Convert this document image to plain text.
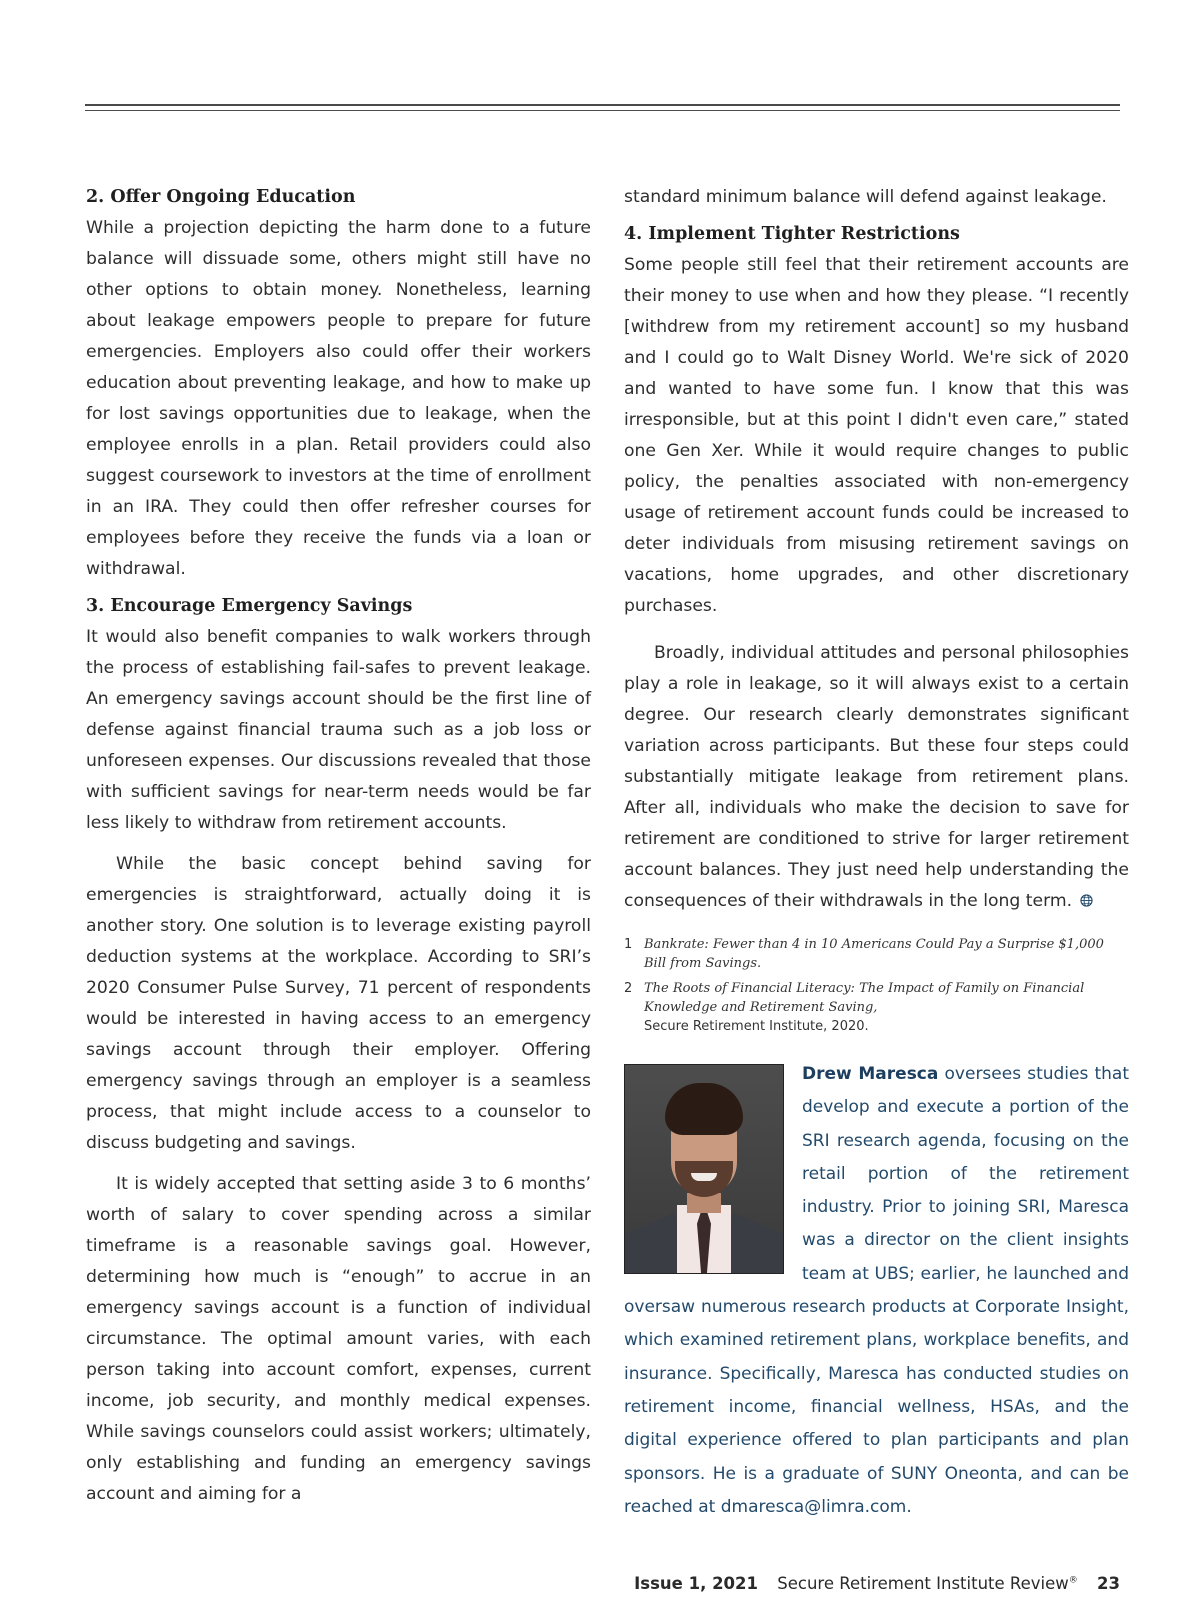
2. Offer Ongoing Education

While a projection depicting the harm done to a future balance will dissuade some, others might still have no other options to obtain money. Nonetheless, learning about leakage empowers people to prepare for future emergencies. Employers also could offer their workers education about preventing leakage, and how to make up for lost savings opportunities due to leakage, when the employee enrolls in a plan. Retail providers could also suggest coursework to investors at the time of enrollment in an IRA. They could then offer refresher courses for employees before they receive the funds via a loan or withdrawal.

3. Encourage Emergency Savings

It would also benefit companies to walk workers through the process of establishing fail-safes to prevent leakage. An emergency savings account should be the first line of defense against financial trauma such as a job loss or unforeseen expenses. Our discussions revealed that those with sufficient savings for near-term needs would be far less likely to withdraw from retirement accounts.

While the basic concept behind saving for emergencies is straightforward, actually doing it is another story. One solution is to leverage existing payroll deduction systems at the workplace. According to SRI’s 2020 Consumer Pulse Survey, 71 percent of respondents would be interested in having access to an emergency savings account through their employer. Offering emergency savings through an employer is a seamless process, that might include access to a counselor to discuss budgeting and savings.

It is widely accepted that setting aside 3 to 6 months’ worth of salary to cover spending across a similar timeframe is a reasonable savings goal. However, determining how much is “enough” to accrue in an emergency savings account is a function of individual circumstance. The optimal amount varies, with each person taking into account comfort, expenses, current income, job security, and monthly medical expenses. While savings counselors could assist workers; ultimately, only establishing and funding an emergency savings account and aiming for a

standard minimum balance will defend against leakage.

4. Implement Tighter Restrictions

Some people still feel that their retirement accounts are their money to use when and how they please. “I recently [withdrew from my retirement account] so my husband and I could go to Walt Disney World. We're sick of 2020 and wanted to have some fun. I know that this was irresponsible, but at this point I didn't even care,” stated one Gen Xer. While it would require changes to public policy, the penalties associated with non-emergency usage of retirement account funds could be increased to deter individuals from misusing retirement savings on vacations, home upgrades, and other discretionary purchases.

Broadly, individual attitudes and personal philosophies play a role in leakage, so it will always exist to a certain degree. Our research clearly demonstrates significant variation across participants. But these four steps could substantially mitigate leakage from retirement plans. After all, individuals who make the decision to save for retirement are conditioned to strive for larger retirement account balances. They just need help understanding the consequences of their withdrawals in the long term.

1 Bankrate: Fewer than 4 in 10 Americans Could Pay a Surprise $1,000 Bill from Savings.
2 The Roots of Financial Literacy: The Impact of Family on Financial Knowledge and Retirement Saving,
Secure Retirement Institute, 2020.
Drew Maresca oversees studies that develop and execute a portion of the SRI research agenda, focusing on the retail portion of the retirement industry. Prior to joining SRI, Maresca was a director on the client insights team at UBS; earlier, he launched and oversaw numerous research products at Corporate Insight, which examined retirement plans, workplace benefits, and insurance. Specifically, Maresca has conducted studies on retirement income, financial wellness, HSAs, and the digital experience offered to plan participants and plan sponsors. He is a graduate of SUNY Oneonta, and can be reached at dmaresca@limra.com.
Issue 1, 2021 Secure Retirement Institute Review® 23
